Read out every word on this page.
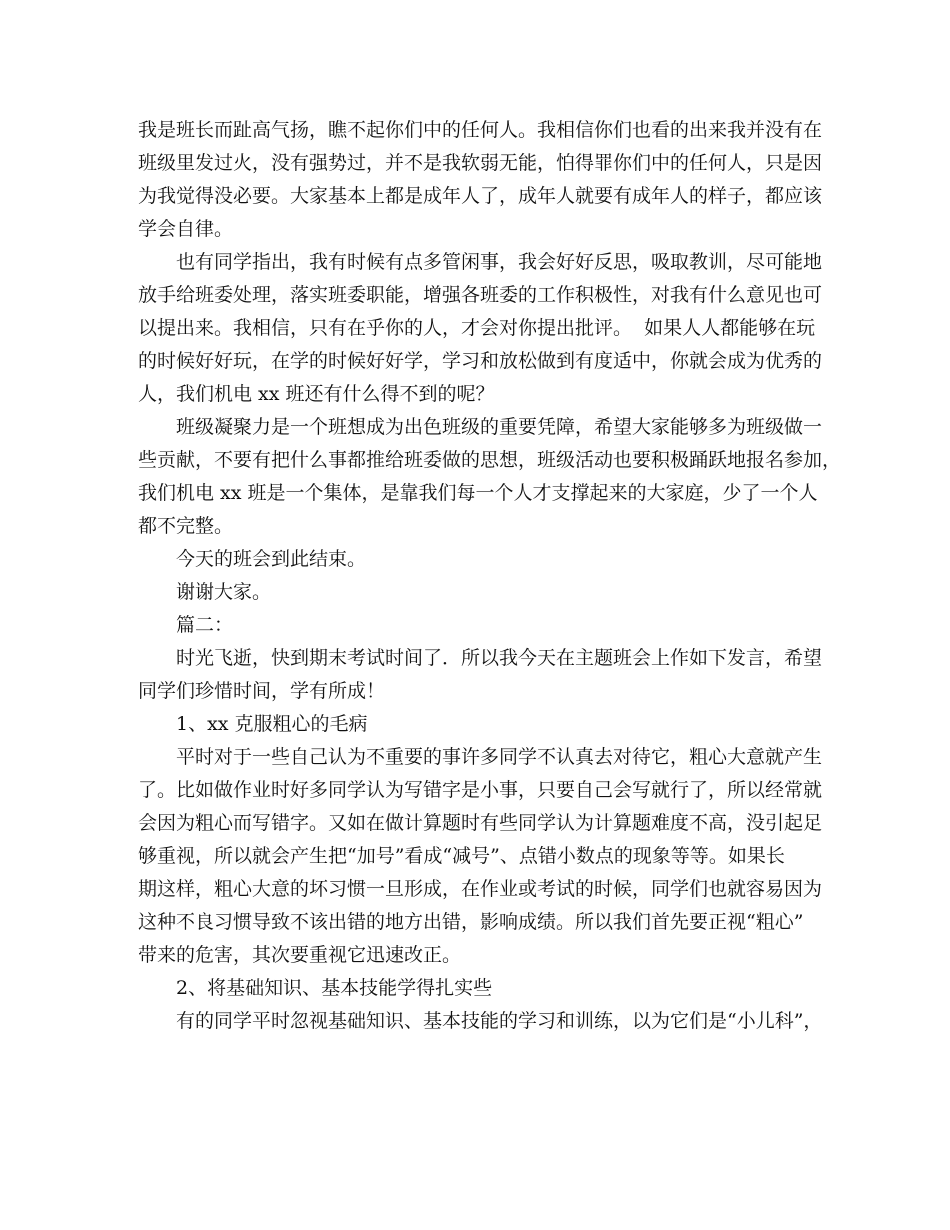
我是班长而趾高气扬，瞧不起你们中的任何人。我相信你们也看的出来我并没有在
班级里发过火，没有强势过，并不是我软弱无能，怕得罪你们中的任何人，只是因
为我觉得没必要。大家基本上都是成年人了，成年人就要有成年人的样子，都应该
学会自律。
也有同学指出，我有时候有点多管闲事，我会好好反思，吸取教训，尽可能地
放手给班委处理，落实班委职能，增强各班委的工作积极性，对我有什么意见也可
以提出来。我相信，只有在乎你的人，才会对你提出批评。  如果人人都能够在玩
的时候好好玩，在学的时候好好学，学习和放松做到有度适中，你就会成为优秀的
人，我们机电 xx 班还有什么得不到的呢？
班级凝聚力是一个班想成为出色班级的重要凭障，希望大家能够多为班级做一
些贡献，不要有把什么事都推给班委做的思想，班级活动也要积极踊跃地报名参加，
我们机电 xx 班是一个集体，是靠我们每一个人才支撑起来的大家庭，少了一个人
都不完整。
今天的班会到此结束。
谢谢大家。
篇二：
时光飞逝，快到期末考试时间了．所以我今天在主题班会上作如下发言，希望
同学们珍惜时间，学有所成！
1、xx 克服粗心的毛病
平时对于一些自己认为不重要的事许多同学不认真去对待它，粗心大意就产生
了。比如做作业时好多同学认为写错字是小事，只要自己会写就行了，所以经常就
会因为粗心而写错字。又如在做计算题时有些同学认为计算题难度不高，没引起足
够重视，所以就会产生把“加号”看成“减号”、点错小数点的现象等等。如果长
期这样，粗心大意的坏习惯一旦形成，在作业或考试的时候，同学们也就容易因为
这种不良习惯导致不该出错的地方出错，影响成绩。所以我们首先要正视“粗心”
带来的危害，其次要重视它迅速改正。
2、将基础知识、基本技能学得扎实些
有的同学平时忽视基础知识、基本技能的学习和训练，以为它们是“小儿科”，
